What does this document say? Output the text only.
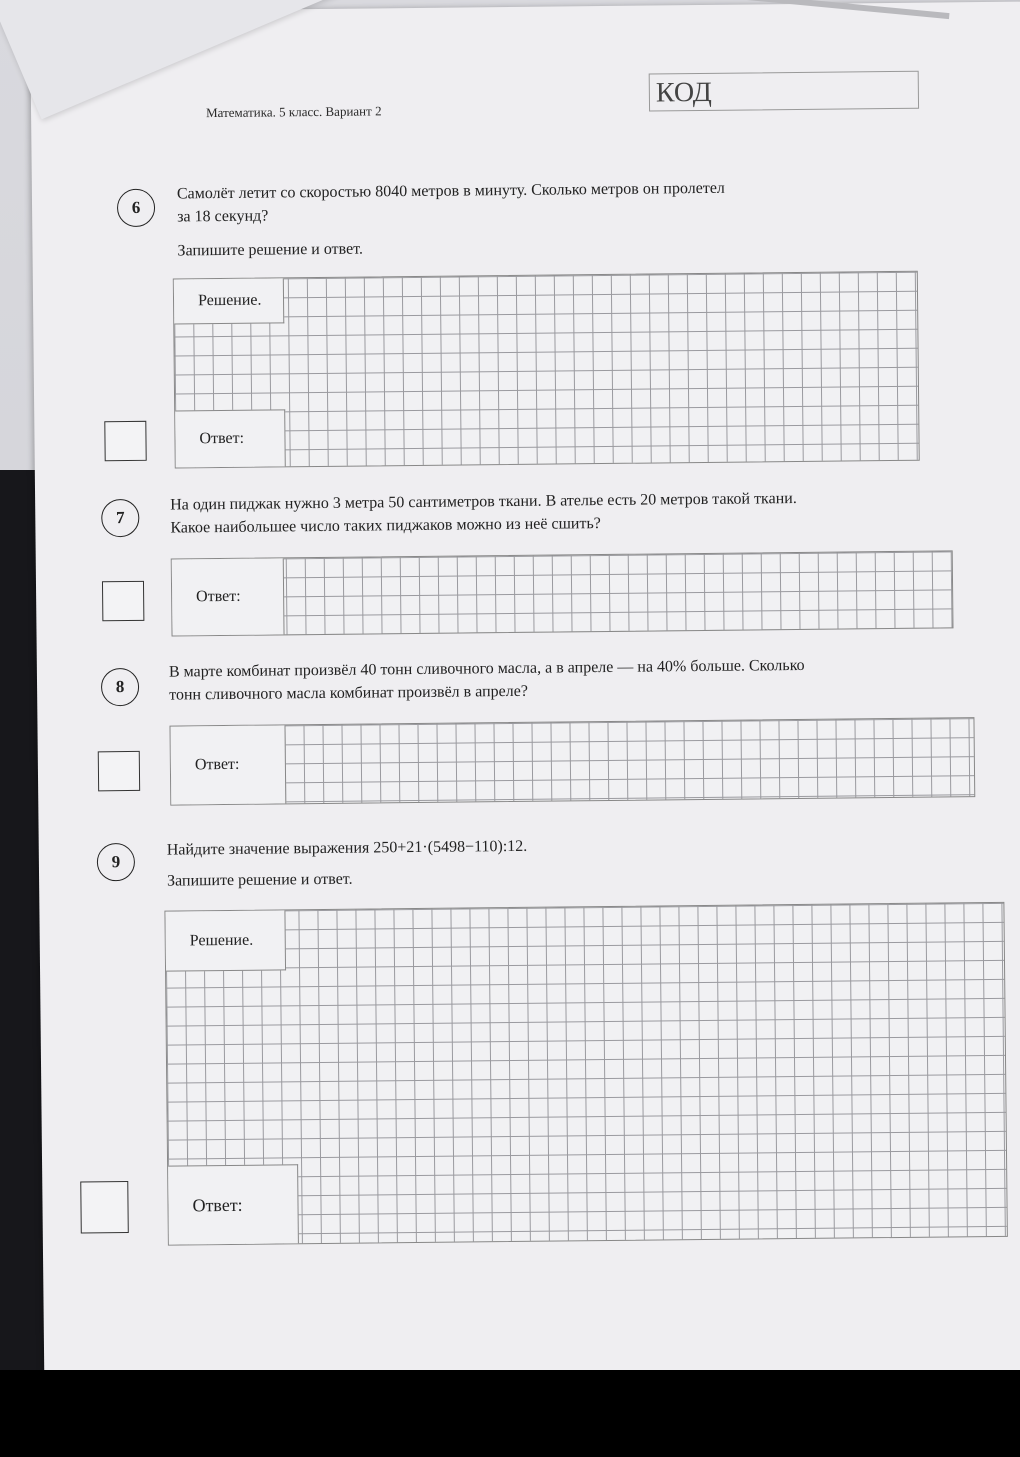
Математика. 5 класс. Вариант 2
КОД
6
Самолёт летит со скоростью 8040 метров в минуту. Сколько метров он пролетел
за 18 секунд?
Запишите решение и ответ.
Решение.
Ответ:
7
На один пиджак нужно 3 метра 50 сантиметров ткани. В ателье есть 20 метров такой ткани.
Какое наибольшее число таких пиджаков можно из неё сшить?
Ответ:
8
В марте комбинат произвёл 40 тонн сливочного масла, а в апреле — на 40% больше. Сколько
тонн сливочного масла комбинат произвёл в апреле?
Ответ:
9
Найдите значение выражения 250+21·(5498−110):12.
Запишите решение и ответ.
Решение.
Ответ:
